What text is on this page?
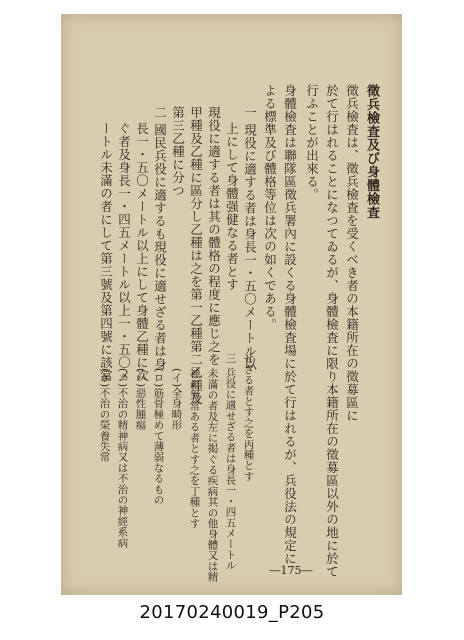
徵兵檢査及び身體檢査
徵兵檢査は、徵兵檢査を受くべき者の本籍所在の徵募區に
於て行はれることになつてゐるが、身體檢査に限り本籍所在の徵募區以外の地に於て
行ふことが出來る。
身體檢査は聯隊區徵兵署內に設くる身體檢査場に於て行はれるが、兵役法の規定に
よる標準及び體格等位は次の如くである。
一 現役に適する者は身長一・五〇メートル以
上にして身體强健なる者とす
現役に適する者は其の體格の程度に應じ之を
甲種及乙種に區分し乙種は之を第一乙種第二乙種及
第三乙種に分つ
二 國民兵役に適するも現役に適せざる者は身
長一・五〇メートル以上にして身體乙種に次
ぐ者及身長一・四五メートル以上一・五〇メ
ートル未滿の者にして第三號及第四號に該當
せざる者とす之を丙種とす
三 兵役に適せざる者は身長一・四五メートル
未滿の者及左に掲ぐる疾病其の他身體又は精
神の異常ある者とす之を丁種とす
(イ)全身畸形
(ロ)筋骨極めて薄弱なるもの
(ハ)惡性腫瘍
(ニ)不治の精神病又は不治の神經系病
(ホ)不治の榮養失常
―175―
20170240019_P205
